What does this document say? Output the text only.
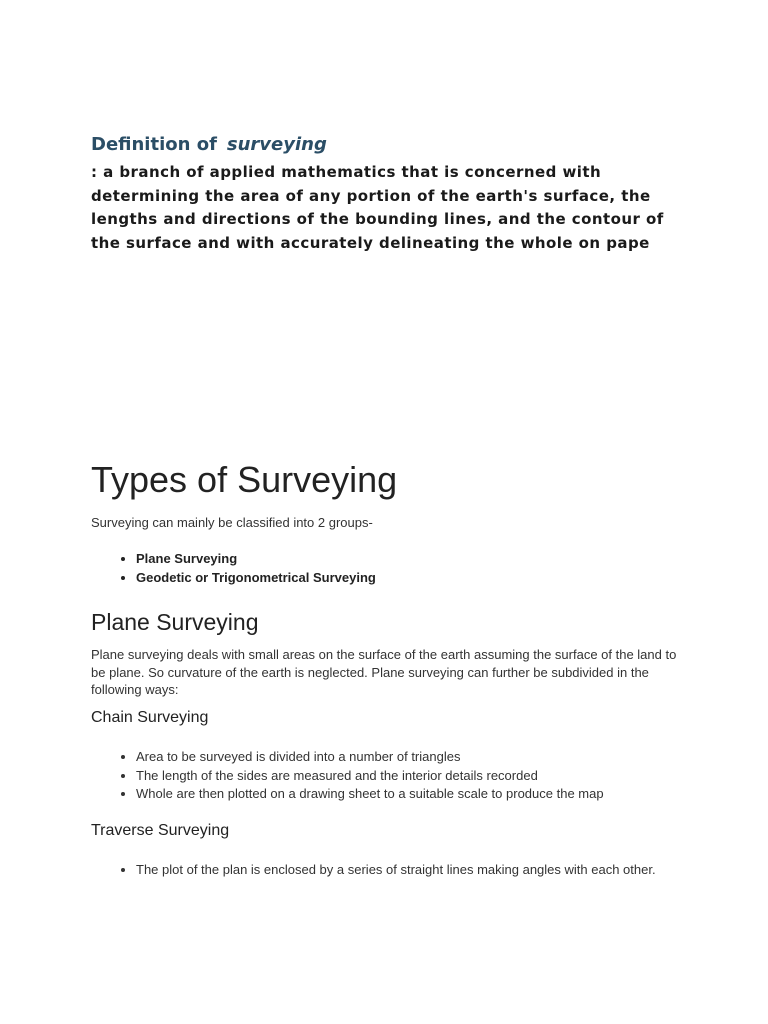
Definition of surveying

: a branch of applied mathematics that is concerned with determining the area of any portion of the earth's surface, the lengths and directions of the bounding lines, and the contour of the surface and with accurately delineating the whole on pape

Types of Surveying

Surveying can mainly be classified into 2 groups-

• Plane Surveying
• Geodetic or Trigonometrical Surveying
Plane Surveying

Plane surveying deals with small areas on the surface of the earth assuming the surface of the land to be plane. So curvature of the earth is neglected. Plane surveying can further be subdivided in the following ways:

Chain Surveying
• Area to be surveyed is divided into a number of triangles
• The length of the sides are measured and the interior details recorded
• Whole are then plotted on a drawing sheet to a suitable scale to produce the map
Traverse Surveying
• The plot of the plan is enclosed by a series of straight lines making angles with each other.
